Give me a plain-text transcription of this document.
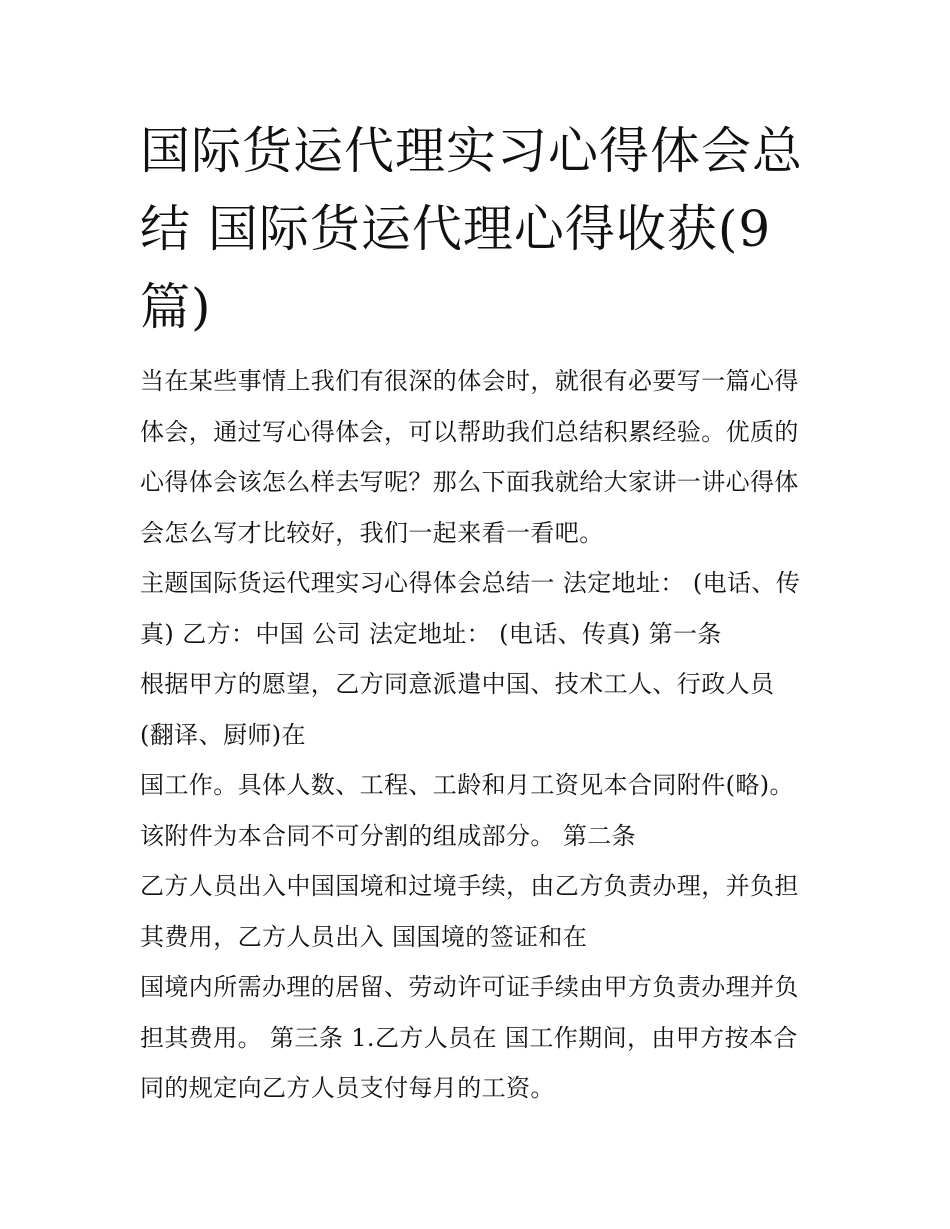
国际货运代理实习心得体会总
结 国际货运代理心得收获(9
篇)
当在某些事情上我们有很深的体会时，就很有必要写一篇心得
体会，通过写心得体会，可以帮助我们总结积累经验。优质的
心得体会该怎么样去写呢？那么下面我就给大家讲一讲心得体
会怎么写才比较好，我们一起来看一看吧。
主题国际货运代理实习心得体会总结一 法定地址： (电话、传
真) 乙方：中国 公司 法定地址： (电话、传真) 第一条
根据甲方的愿望，乙方同意派遣中国、技术工人、行政人员
(翻译、厨师)在
国工作。具体人数、工程、工龄和月工资见本合同附件(略)。
该附件为本合同不可分割的组成部分。 第二条
乙方人员出入中国国境和过境手续，由乙方负责办理，并负担
其费用，乙方人员出入 国国境的签证和在
国境内所需办理的居留、劳动许可证手续由甲方负责办理并负
担其费用。 第三条 1.乙方人员在 国工作期间，由甲方按本合
同的规定向乙方人员支付每月的工资。
